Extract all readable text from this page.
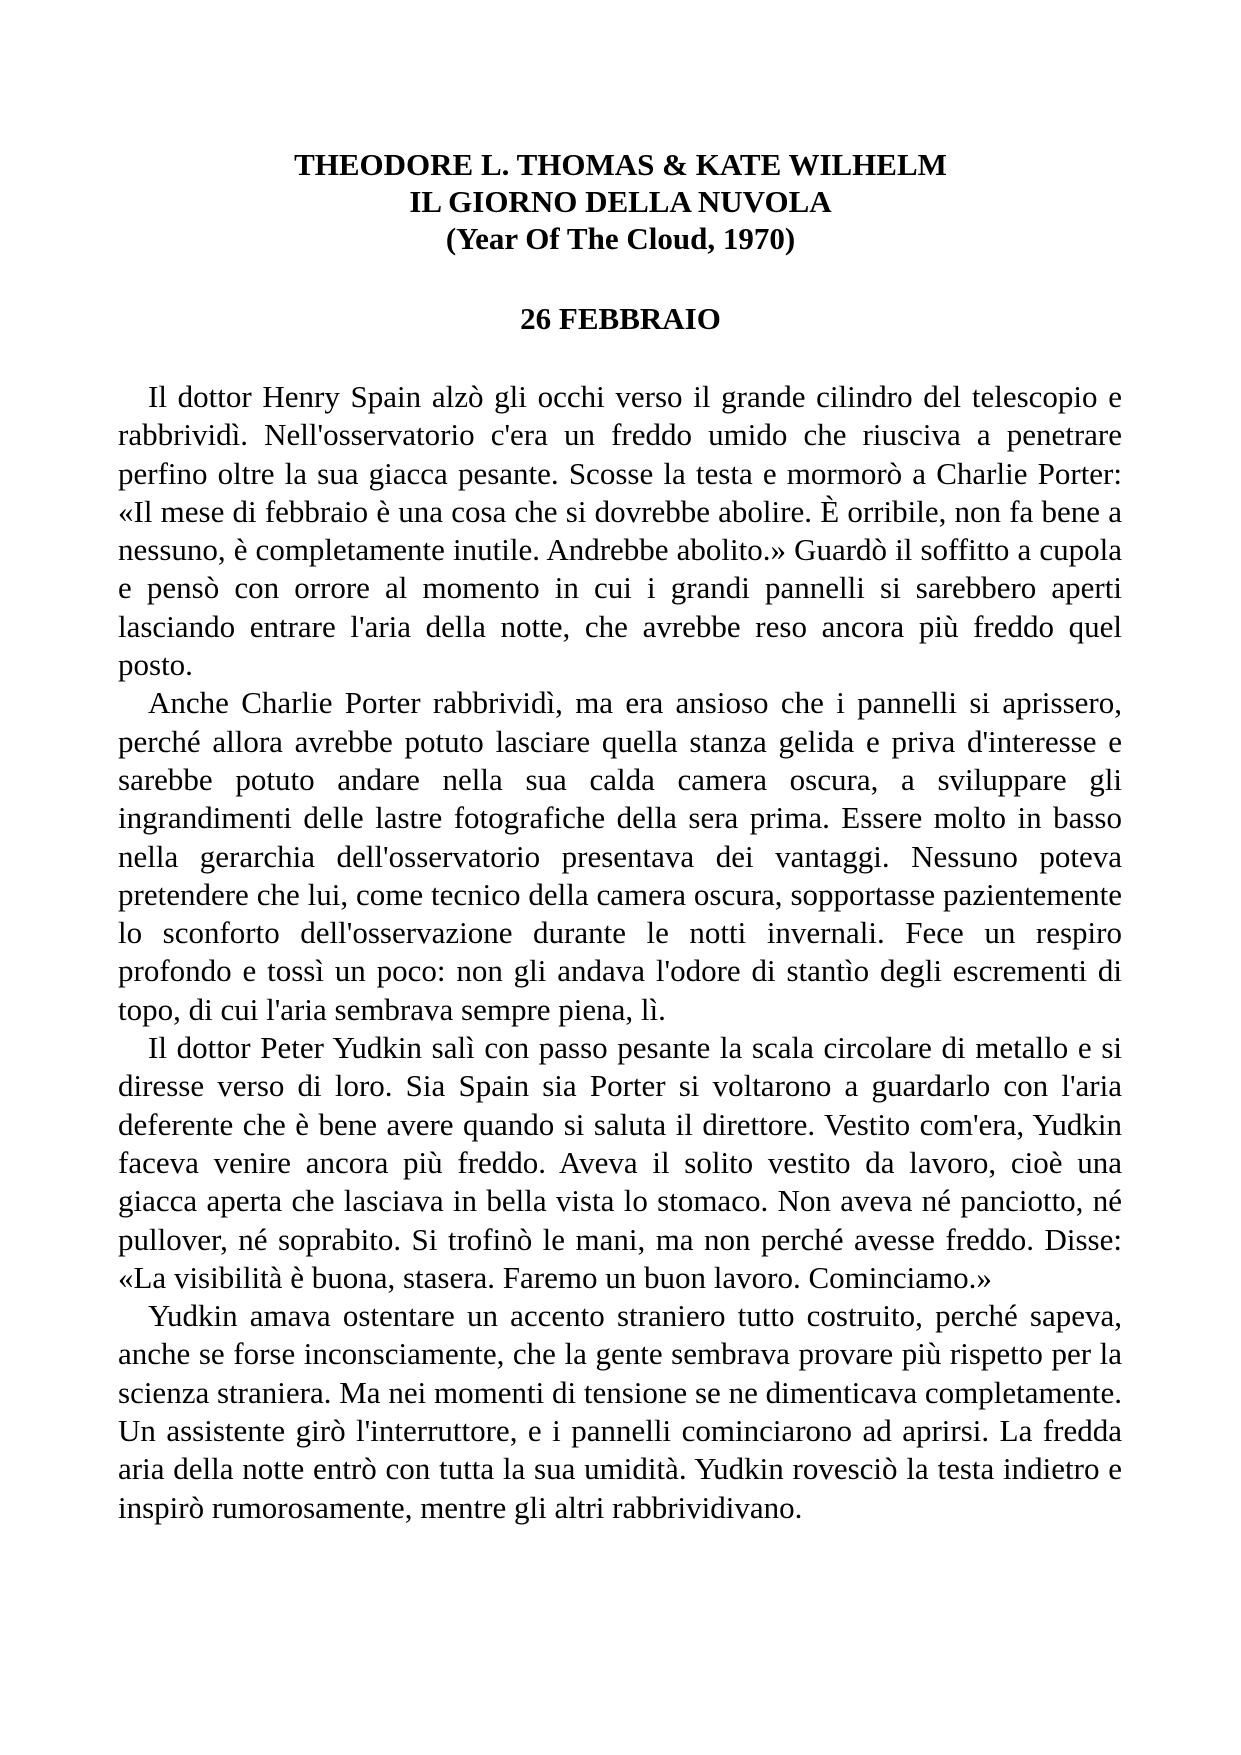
THEODORE L. THOMAS & KATE WILHELM
IL GIORNO DELLA NUVOLA
(Year Of The Cloud, 1970)
26 FEBBRAIO

Il dottor Henry Spain alzò gli occhi verso il grande cilindro del telescopio e rabbrividì. Nell'osservatorio c'era un freddo umido che riusciva a penetrare perfino oltre la sua giacca pesante. Scosse la testa e mormorò a Charlie Porter: «Il mese di febbraio è una cosa che si dovrebbe abolire. È orribile, non fa bene a nessuno, è completamente inutile. Andrebbe abolito.» Guardò il soffitto a cupola e pensò con orrore al momento in cui i grandi pannelli si sarebbero aperti lasciando entrare l'aria della notte, che avrebbe reso ancora più freddo quel posto.

Anche Charlie Porter rabbrividì, ma era ansioso che i pannelli si aprissero, perché allora avrebbe potuto lasciare quella stanza gelida e priva d'interesse e sarebbe potuto andare nella sua calda camera oscura, a sviluppare gli ingrandimenti delle lastre fotografiche della sera prima. Essere molto in basso nella gerarchia dell'osservatorio presentava dei vantaggi. Nessuno poteva pretendere che lui, come tecnico della camera oscura, sopportasse pazientemente lo sconforto dell'osservazione durante le notti invernali. Fece un respiro profondo e tossì un poco: non gli andava l'odore di stantìo degli escrementi di topo, di cui l'aria sembrava sempre piena, lì.

Il dottor Peter Yudkin salì con passo pesante la scala circolare di metallo e si diresse verso di loro. Sia Spain sia Porter si voltarono a guardarlo con l'aria deferente che è bene avere quando si saluta il direttore. Vestito com'era, Yudkin faceva venire ancora più freddo. Aveva il solito vestito da lavoro, cioè una giacca aperta che lasciava in bella vista lo stomaco. Non aveva né panciotto, né pullover, né soprabito. Si trofinò le mani, ma non perché avesse freddo. Disse: «La visibilità è buona, stasera. Faremo un buon lavoro. Cominciamo.»

Yudkin amava ostentare un accento straniero tutto costruito, perché sapeva, anche se forse inconsciamente, che la gente sembrava provare più rispetto per la scienza straniera. Ma nei momenti di tensione se ne dimenticava completamente. Un assistente girò l'interruttore, e i pannelli cominciarono ad aprirsi. La fredda aria della notte entrò con tutta la sua umidità. Yudkin rovesciò la testa indietro e inspirò rumorosamente, mentre gli altri rabbrividivano.
